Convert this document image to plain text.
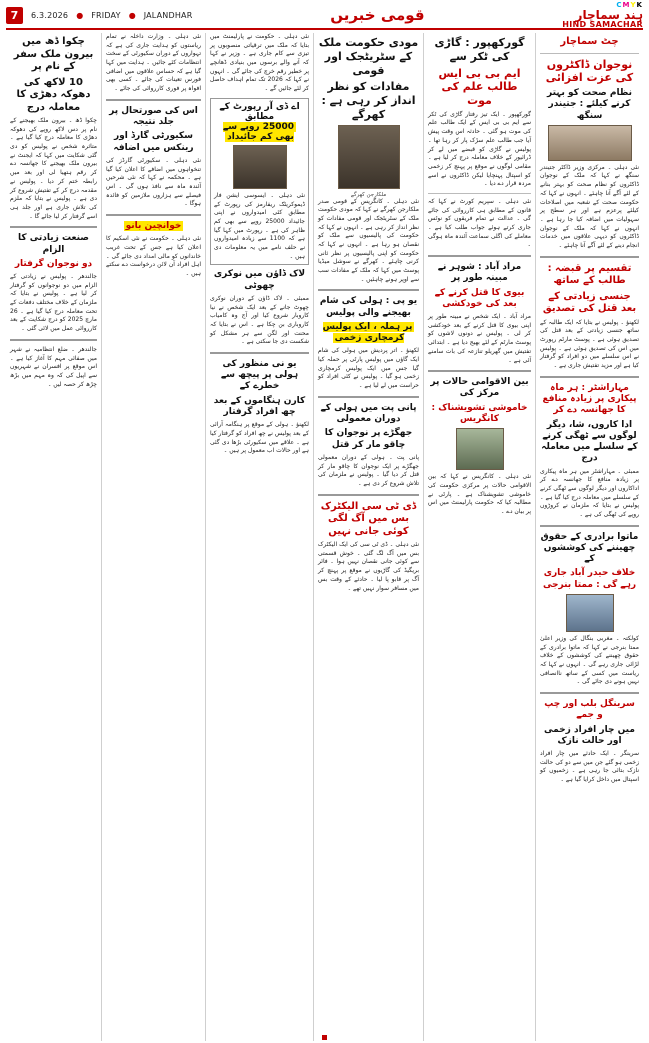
7	6.3.2026 ● FRIDAY ● JALANDHAR	قومی خبریں
CMYK
ہند سماچار
HIND SAMACHAR
چٹ سماچار
نوجوان ڈاکٹروں کی عزت افزائی
نظام صحت کو بہتر کرنے کیلئے : جتیندر سنگھ
نئی دہلی ۔ مرکزی وزیر ڈاکٹر جتیندر سنگھ نے کہا کہ ملک کے نوجوان ڈاکٹروں کو نظام صحت کو بہتر بنانے کے لئے آگے آنا چاہئے ۔ انہوں نے کہا کہ حکومت صحت کے شعبہ میں اصلاحات کیلئے پرعزم ہے اور ہر سطح پر سہولیات میں اضافہ کیا جا رہا ہے ۔ انہوں نے کہا کہ ملک کے نوجوان ڈاکٹروں کو دیہی علاقوں میں خدمات انجام دینے کے لئے آگے آنا چاہئے ۔
تقسیم پر قبضہ : طالب کے ساتھ
جنسی زیادتی کے بعد قتل کی تصدیق
لکھنؤ ۔ پولیس نے بتایا کہ ایک طالبہ کے ساتھ جنسی زیادتی کے بعد قتل کی تصدیق ہوئی ہے ۔ پوسٹ مارٹم رپورٹ میں اس کی تصدیق ہوئی ہے ۔ پولیس نے اس سلسلے میں دو افراد کو گرفتار کیا ہے اور مزید تفتیش جاری ہے ۔
مہاراشٹر : ہر ماہ پیکاری پر زیادہ منافع کا جھانسہ دے کر
ادا کاروں، شا، دیگر لوگوں سے ٹھگی کرنے کے سلسلے میں معاملہ درج
ممبئی ۔ مہاراشٹر میں ہر ماہ پیکاری پر زیادہ منافع کا جھانسہ دے کر اداکاروں اور دیگر لوگوں سے ٹھگی کرنے کے سلسلے میں معاملہ درج کیا گیا ہے ۔ پولیس نے بتایا کہ ملزمان نے کروڑوں روپے کی ٹھگی کی ہے ۔
ماتوا برادری کے حقوق چھیننے کی کوششوں کے
خلاف حیدر آباد جاری رہے گی : ممتا بنرجی
کولکتہ ۔ مغربی بنگال کی وزیر اعلیٰ ممتا بنرجی نے کہا کہ ماتوا برادری کے حقوق چھیننے کی کوششوں کے خلاف لڑائی جاری رہے گی ۔ انہوں نے کہا کہ ریاست میں کسی کے ساتھ ناانصافی نہیں ہونے دی جائے گی ۔
سرینگل بلب اور چپ و جمے
میں چار افراد زخمی اور حالت نازک
سرینگر ۔ ایک حادثے میں چار افراد زخمی ہو گئے جن میں سے دو کی حالت نازک بتائی جا رہی ہے ۔ زخمیوں کو اسپتال میں داخل کرایا گیا ہے ۔
گورکھپور : گاڑی کی ٹکر سے
ایم بی بی ایس طالب علم کی موت
گورکھپور ۔ ایک تیز رفتار گاڑی کی ٹکر سے ایم بی بی ایس کے ایک طالب علم کی موت ہو گئی ۔ حادثہ اس وقت پیش آیا جب طالب علم سڑک پار کر رہا تھا ۔ پولیس نے گاڑی کو قبضے میں لے کر ڈرائیور کے خلاف معاملہ درج کر لیا ہے ۔ مقامی لوگوں نے موقع پر پہنچ کر زخمی کو اسپتال پہنچایا لیکن ڈاکٹروں نے اسے مردہ قرار دے دیا ۔
نئی دہلی ۔ سپریم کورٹ نے کہا کہ قانون کے مطابق ہی کارروائی کی جائے گی ۔ عدالت نے تمام فریقوں کو نوٹس جاری کرتے ہوئے جواب طلب کیا ہے ۔ معاملے کی اگلی سماعت آئندہ ماہ ہوگی ۔
مراد آباد : شوہر نے مبینہ طور پر
بیوی کا قتل کرنے کے بعد کی خودکشی
مراد آباد ۔ ایک شخص نے مبینہ طور پر اپنی بیوی کا قتل کرنے کے بعد خودکشی کر لی ۔ پولیس نے دونوں لاشوں کو پوسٹ مارٹم کے لئے بھیج دیا ہے ۔ ابتدائی تفتیش میں گھریلو تنازعہ کی بات سامنے آئی ہے ۔
بین الاقوامی حالات پر مرکز کی
خاموشی تشویشناک : کانگریس
نئی دہلی ۔ کانگریس نے کہا کہ بین الاقوامی حالات پر مرکزی حکومت کی خاموشی تشویشناک ہے ۔ پارٹی نے مطالبہ کیا کہ حکومت پارلیمنٹ میں اس پر بیان دے ۔
مودی حکومت ملک کے سٹریٹجک اور قومی
مفادات کو نظر انداز کر رہی ہے : کھرگے
ملکارجن کھرگے
نئی دہلی ۔ کانگریس کے قومی صدر ملکارجن کھرگے نے کہا کہ مودی حکومت ملک کے سٹریٹجک اور قومی مفادات کو نظر انداز کر رہی ہے ۔ انہوں نے کہا کہ حکومت کی پالیسیوں سے ملک کو نقصان ہو رہا ہے ۔ انہوں نے کہا کہ حکومت کو اپنی پالیسیوں پر نظر ثانی کرنی چاہئے ۔ کھرگے نے سوشل میڈیا پوسٹ میں کہا کہ ملک کے مفادات سب سے اوپر ہونے چاہئیں ۔
یو پی : ہولی کی شام بھیجنے والی پولیس
پر ہملہ ، ایک پولیس کرمچاری زخمی
لکھنؤ ۔ اتر پردیش میں ہولی کی شام ایک گاؤں میں پولیس پارٹی پر حملہ کیا گیا جس میں ایک پولیس کرمچاری زخمی ہو گیا ۔ پولیس نے کئی افراد کو حراست میں لے لیا ہے ۔
پانی پت میں ہولی کے دوران معمولی
جھگڑے پر نوجوان کا چاقو مار کر قتل
پانی پت ۔ ہولی کے دوران معمولی جھگڑے پر ایک نوجوان کا چاقو مار کر قتل کر دیا گیا ۔ پولیس نے ملزمان کی تلاش شروع کر دی ہے ۔
ڈی ٹی سی الیکٹرک بس میں آگ لگی کوئی جانی نہیں
نئی دہلی ۔ ڈی ٹی سی کی ایک الیکٹرک بس میں آگ لگ گئی ۔ خوش قسمتی سے کوئی جانی نقصان نہیں ہوا ۔ فائر بریگیڈ کی گاڑیوں نے موقع پر پہنچ کر آگ پر قابو پا لیا ۔ حادثے کے وقت بس میں مسافر سوار نہیں تھے ۔
نئی دہلی ۔ حکومت نے پارلیمنٹ میں بتایا کہ ملک میں ترقیاتی منصوبوں پر تیزی سے کام جاری ہے ۔ وزیر نے کہا کہ آنے والے برسوں میں بنیادی ڈھانچے پر خطیر رقم خرچ کی جائے گی ۔ انہوں نے کہا کہ 2026 تک تمام اہداف حاصل کر لئے جائیں گے ۔
اے ڈی آر رپورٹ کے مطابق
25000 روپے سے بھی کم جائیداد
نئی دہلی ۔ ایسوسی ایشن فار ڈیموکریٹک ریفارمز کی رپورٹ کے مطابق کئی امیدواروں نے اپنی جائیداد 25000 روپے سے بھی کم ظاہر کی ہے ۔ رپورٹ میں کہا گیا ہے کہ 1100 سے زیادہ امیدواروں نے حلف نامے میں یہ معلومات دی ہیں ۔
لاک ڈاؤن میں نوکری چھوٹی
ممبئی ۔ لاک ڈاؤن کے دوران نوکری چھوٹ جانے کے بعد ایک شخص نے نیا کاروبار شروع کیا اور آج وہ کامیاب کاروباری بن چکا ہے ۔ اس نے بتایا کہ محنت اور لگن سے ہر مشکل کو شکست دی جا سکتی ہے ۔
یو نی منظور کی ہولی پر پیچھ سے خطرے کے
کارن ہنگاموں کے بعد چھ افراد گرفتار
لکھنؤ ۔ ہولی کے موقع پر ہنگامہ آرائی کے بعد پولیس نے چھ افراد کو گرفتار کیا ہے ۔ علاقے میں سکیورٹی بڑھا دی گئی ہے اور حالات اب معمول پر ہیں ۔
نئی دہلی ۔ وزارت داخلہ نے تمام ریاستوں کو ہدایت جاری کی ہے کہ تہواروں کے دوران سکیورٹی کے سخت انتظامات کئے جائیں ۔ ہدایت میں کہا گیا ہے کہ حساس علاقوں میں اضافی فورس تعینات کی جائے ۔ کسی بھی افواہ پر فوری کارروائی کی جائے ۔
اس کی صورتحال پر جلد نتیجہ
سکیورٹی گارڈ اور رینکس میں اضافہ
نئی دہلی ۔ سکیورٹی گارڈز کی تنخواہوں میں اضافے کا اعلان کیا گیا ہے ۔ محکمہ نے کہا کہ نئی شرحیں آئندہ ماہ سے نافذ ہوں گی ۔ اس فیصلے سے ہزاروں ملازمین کو فائدہ ہوگا ۔
خوانچین بانو
نئی دہلی ۔ حکومت نے نئی اسکیم کا اعلان کیا ہے جس کے تحت غریب خاندانوں کو مالی امداد دی جائے گی ۔ اہل افراد آن لائن درخواست دے سکتے ہیں ۔
چکوا ڈھ میں بیرون ملک سفر کے نام پر
10 لاکھ کی دھوکہ دھڑی کا معاملہ درج
چکوا ڈھ ۔ بیرون ملک بھیجنے کے نام پر دس لاکھ روپے کی دھوکہ دھڑی کا معاملہ درج کیا گیا ہے ۔ متاثرہ شخص نے پولیس کو دی گئی شکایت میں کہا کہ ایجنٹ نے بیرون ملک بھیجنے کا جھانسہ دے کر رقم ہتھیا لی اور بعد میں رابطہ ختم کر دیا ۔ پولیس نے مقدمہ درج کر کے تفتیش شروع کر دی ہے ۔ پولیس نے بتایا کہ ملزم کی تلاش جاری ہے اور جلد ہی اسے گرفتار کر لیا جائے گا ۔
صنعت زیادتی کا الزام
دو نوجوان گرفتار
جالندھر ۔ پولیس نے زیادتی کے الزام میں دو نوجوانوں کو گرفتار کر لیا ہے ۔ پولیس نے بتایا کہ ملزمان کے خلاف مختلف دفعات کے تحت معاملہ درج کیا گیا ہے ۔ 26 مارچ 2025 کو درج شکایت کے بعد کارروائی عمل میں لائی گئی ۔
جالندھر ۔ ضلع انتظامیہ نے شہر میں صفائی مہم کا آغاز کیا ہے ۔ اس موقع پر افسران نے شہریوں سے اپیل کی کہ وہ مہم میں بڑھ چڑھ کر حصہ لیں ۔
